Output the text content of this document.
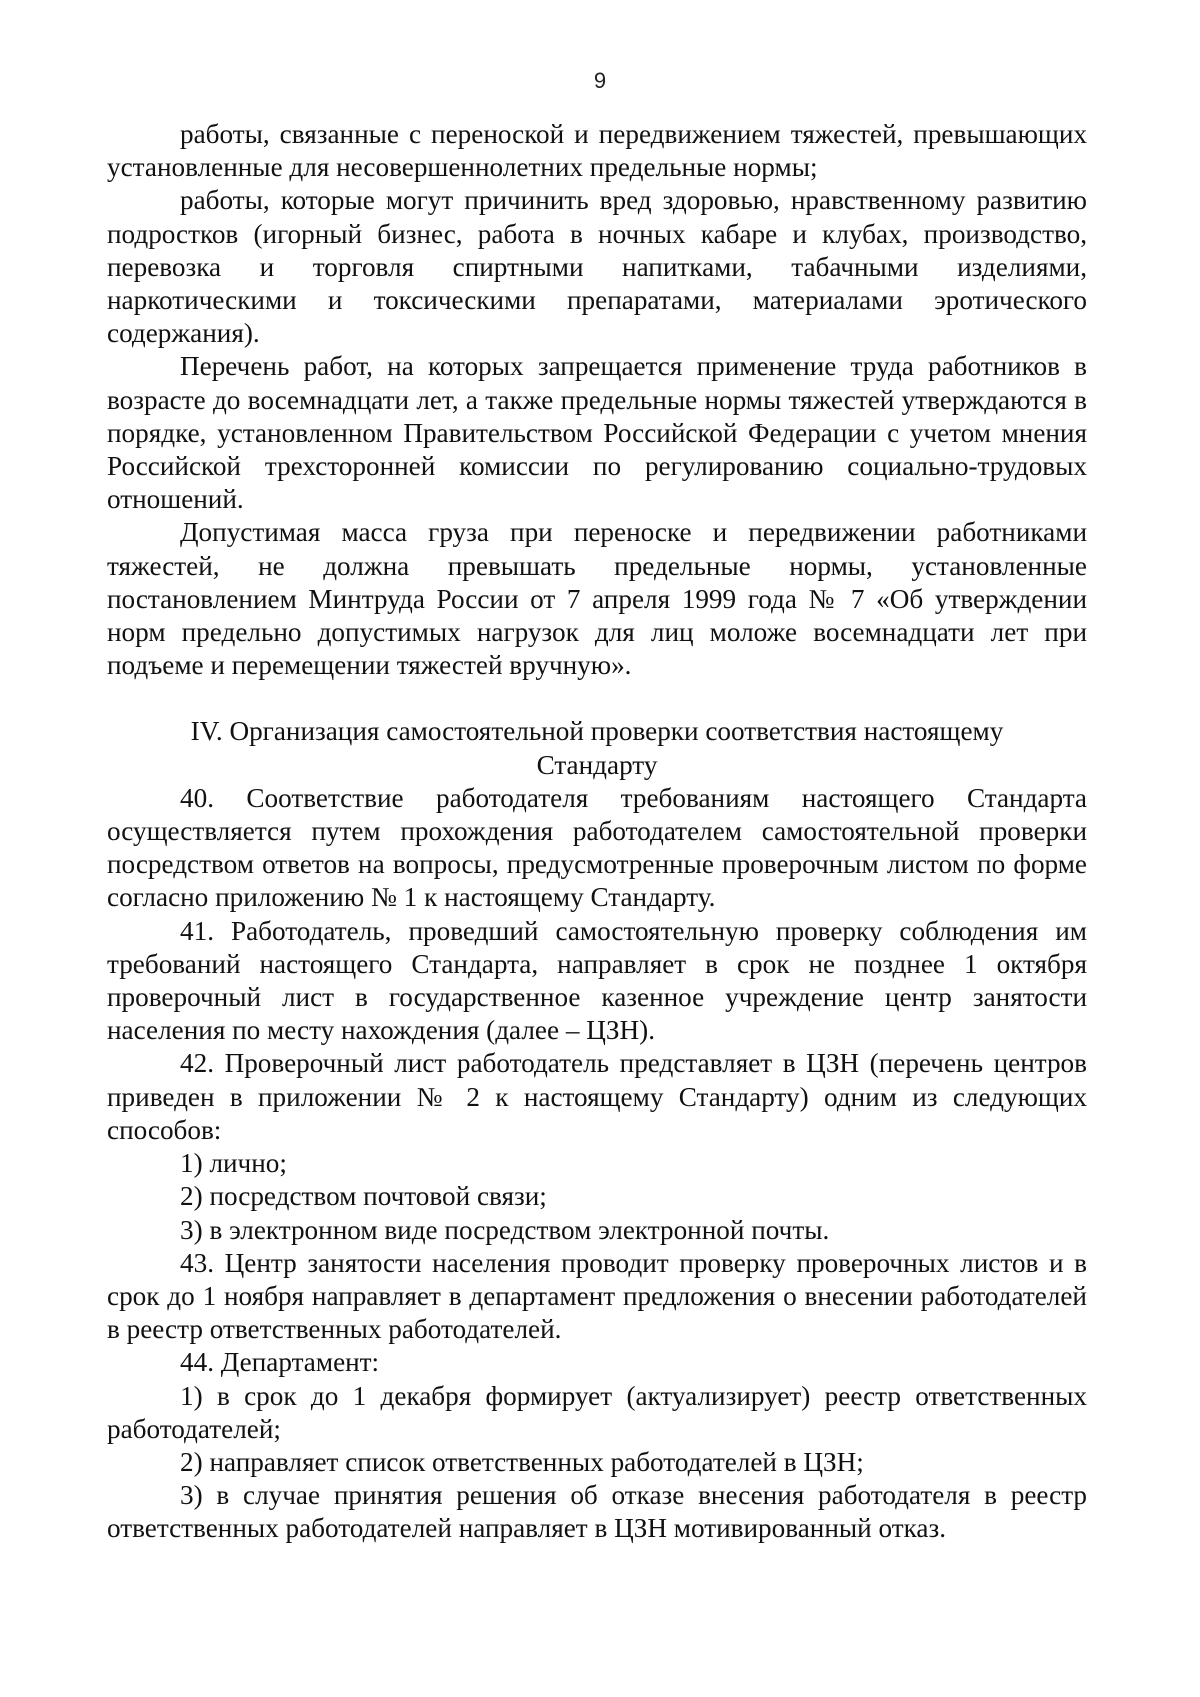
9

работы, связанные с переноской и передвижением тяжестей, превышающих установленные для несовершеннолетних предельные нормы;

работы, которые могут причинить вред здоровью, нравственному развитию подростков (игорный бизнес, работа в ночных кабаре и клубах, производство, перевозка и торговля спиртными напитками, табачными изделиями, наркотическими и токсическими препаратами, материалами эротического содержания).

Перечень работ, на которых запрещается применение труда работников в возрасте до восемнадцати лет, а также предельные нормы тяжестей утверждаются в порядке, установленном Правительством Российской Федерации с учетом мнения Российской трехсторонней комиссии по регулированию социально-трудовых отношений.

Допустимая масса груза при переноске и передвижении работниками тяжестей, не должна превышать предельные нормы, установленные постановлением Минтруда России от 7 апреля 1999 года № 7 «Об утверждении норм предельно допустимых нагрузок для лиц моложе восемнадцати лет при подъеме и перемещении тяжестей вручную».

IV. Организация самостоятельной проверки соответствия настоящему
Стандарту

40. Соответствие работодателя требованиям настоящего Стандарта осуществляется путем прохождения работодателем самостоятельной проверки посредством ответов на вопросы, предусмотренные проверочным листом по форме согласно приложению № 1 к настоящему Стандарту.

41. Работодатель, проведший самостоятельную проверку соблюдения им требований настоящего Стандарта, направляет в срок не позднее 1 октября проверочный лист в государственное казенное учреждение центр занятости населения по месту нахождения (далее – ЦЗН).

42. Проверочный лист работодатель представляет в ЦЗН (перечень центров приведен в приложении № 2 к настоящему Стандарту) одним из следующих способов:

1) лично;

2) посредством почтовой связи;

3) в электронном виде посредством электронной почты.

43. Центр занятости населения проводит проверку проверочных листов и в срок до 1 ноября направляет в департамент предложения о внесении работодателей в реестр ответственных работодателей.

44. Департамент:

1) в срок до 1 декабря формирует (актуализирует) реестр ответственных работодателей;

2) направляет список ответственных работодателей в ЦЗН;

3) в случае принятия решения об отказе внесения работодателя в реестр ответственных работодателей направляет в ЦЗН мотивированный отказ.
